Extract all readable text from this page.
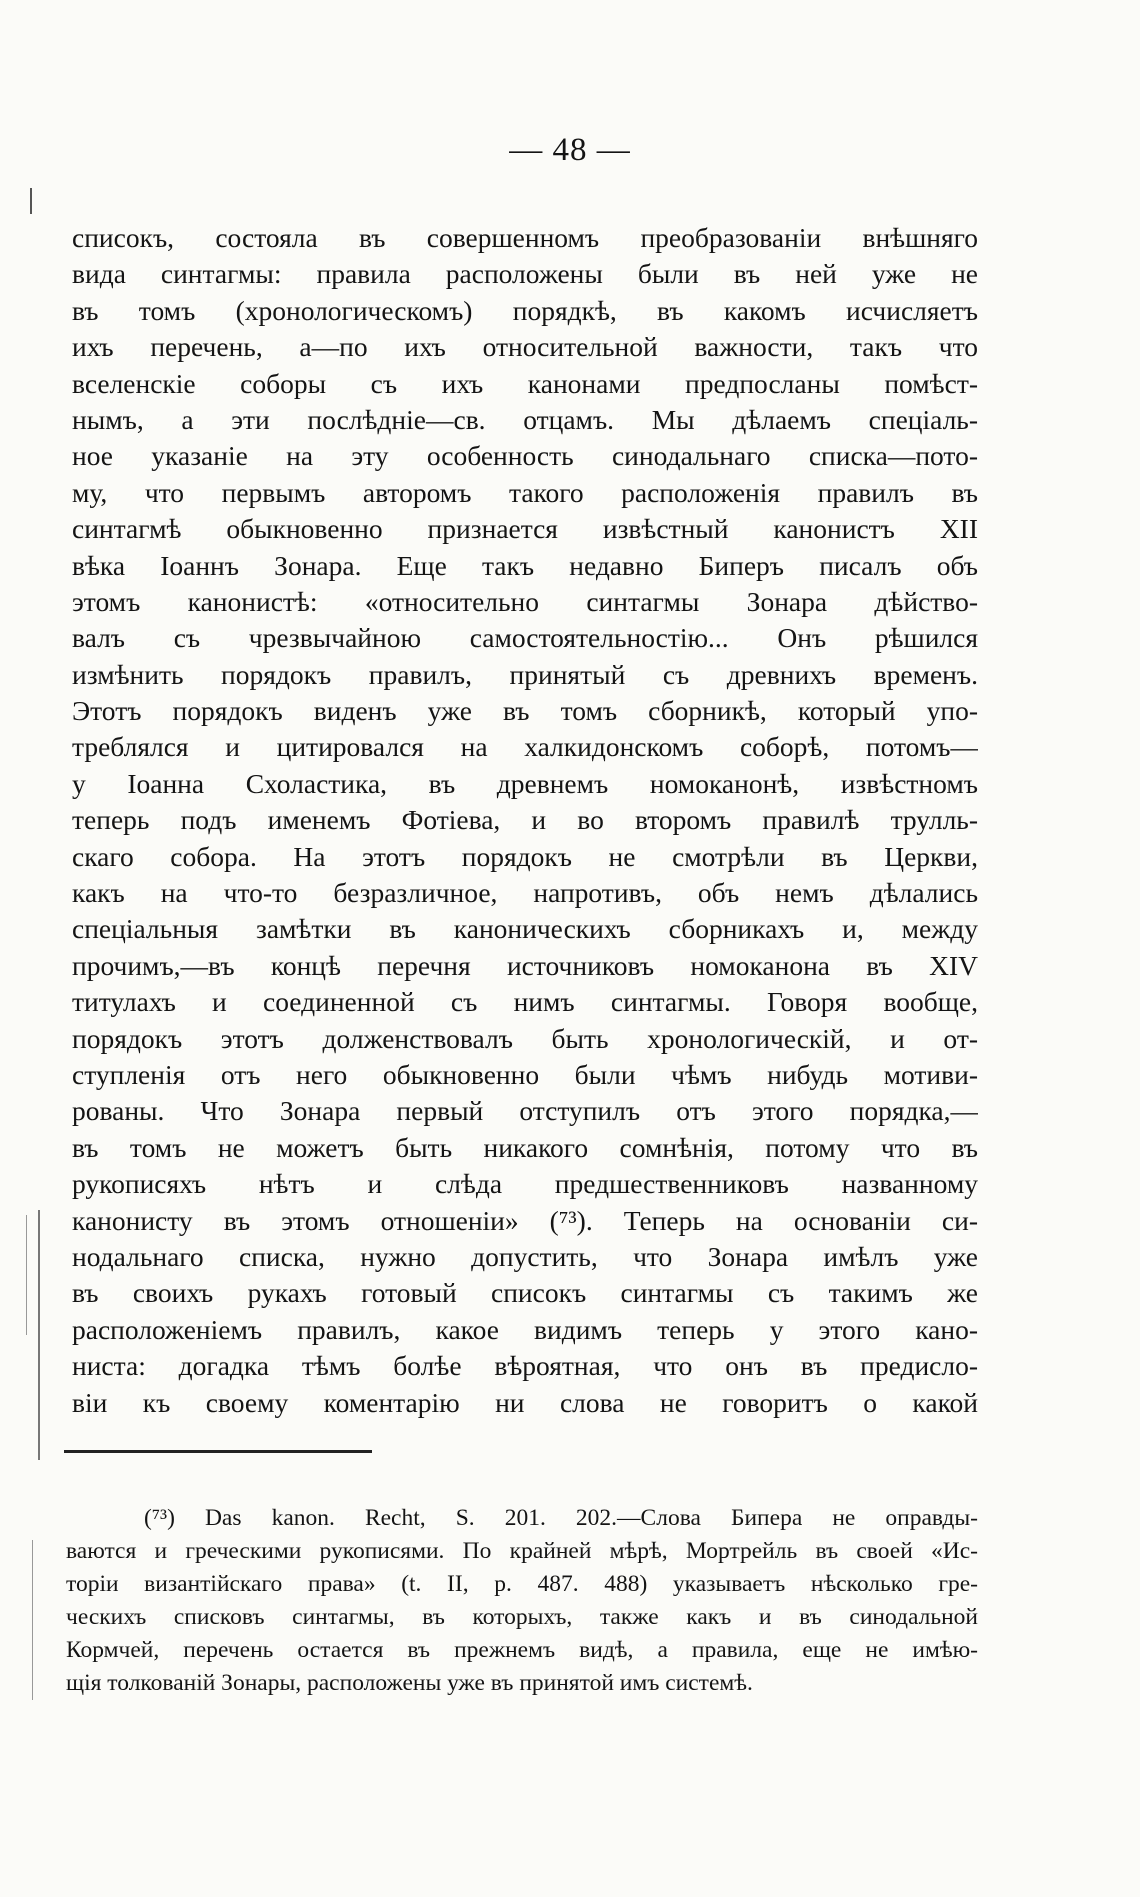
— 48 —
списокъ, состояла въ совершенномъ преобразованіи внѣшняго
вида синтагмы: правила расположены были въ ней уже не
въ томъ (хронологическомъ) порядкѣ, въ какомъ исчисляетъ
ихъ перечень, а—по ихъ относительной важности, такъ что
вселенскіе соборы съ ихъ канонами предпосланы помѣст-
нымъ, а эти послѣдніе—св. отцамъ. Мы дѣлаемъ спеціаль-
ное указаніе на эту особенность синодальнаго списка—пото-
му, что первымъ авторомъ такого расположенія правилъ въ
синтагмѣ обыкновенно признается извѣстный канонистъ XII
вѣка Іоаннъ Зонара. Еще такъ недавно Биперъ писалъ объ
этомъ канонистѣ: «относительно синтагмы Зонара дѣйство-
валъ съ чрезвычайною самостоятельностію... Онъ рѣшился
измѣнить порядокъ правилъ, принятый съ древнихъ временъ.
Этотъ порядокъ виденъ уже въ томъ сборникѣ, который упо-
треблялся и цитировался на халкидонскомъ соборѣ, потомъ—
у Іоанна Схоластика, въ древнемъ номоканонѣ, извѣстномъ
теперь подъ именемъ Фотіева, и во второмъ правилѣ трулль-
скаго собора. На этотъ порядокъ не смотрѣли въ Церкви,
какъ на что-то безразличное, напротивъ, объ немъ дѣлались
спеціальныя замѣтки въ каноническихъ сборникахъ и, между
прочимъ,—въ концѣ перечня источниковъ номоканона въ XIV
титулахъ и соединенной съ нимъ синтагмы. Говоря вообще,
порядокъ этотъ долженствовалъ быть хронологическій, и от-
ступленія отъ него обыкновенно были чѣмъ нибудь мотиви-
рованы. Что Зонара первый отступилъ отъ этого порядка,—
въ томъ не можетъ быть никакого сомнѣнія, потому что въ
рукописяхъ нѣтъ и слѣда предшественниковъ названному
канонисту въ этомъ отношеніи» (⁷³). Теперь на основаніи си-
нодальнаго списка, нужно допустить, что Зонара имѣлъ уже
въ своихъ рукахъ готовый списокъ синтагмы съ такимъ же
расположеніемъ правилъ, какое видимъ теперь у этого кано-
ниста: догадка тѣмъ болѣе вѣроятная, что онъ въ предисло-
віи къ своему коментарію ни слова не говоритъ о какой
(⁷³) Das kanon. Recht, S. 201. 202.—Слова Бипера не оправды-
ваются и греческими рукописями. По крайней мѣрѣ, Мортрейль въ своей «Ис-
торіи византійскаго права» (t. II, p. 487. 488) указываетъ нѣсколько гре-
ческихъ списковъ синтагмы, въ которыхъ, также какъ и въ синодальной
Кормчей, перечень остается въ прежнемъ видѣ, а правила, еще не имѣю-
щія толкованій Зонары, расположены уже въ принятой имъ системѣ.
